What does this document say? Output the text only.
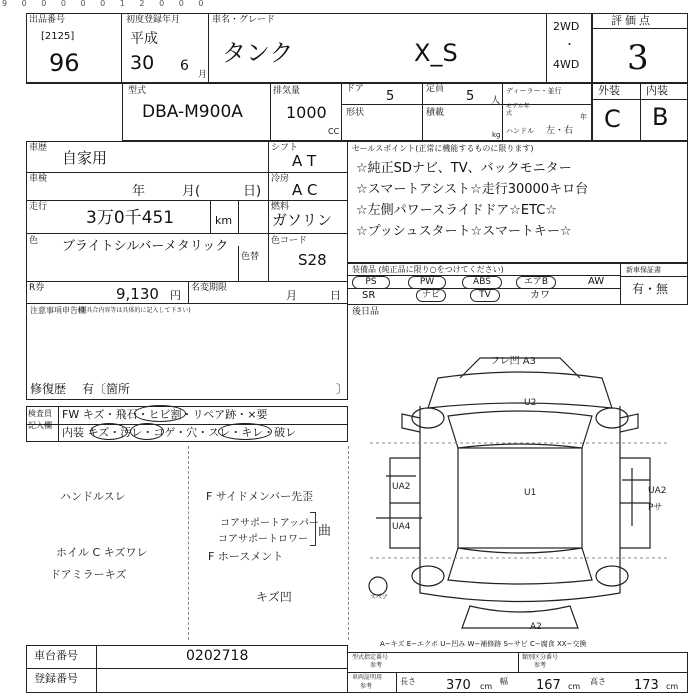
9 0 0 0 0 0 1 2 0 0 0
出品番号
[2125]
96
初度登録年月
平成
30 6
月
車名・グレード
タンク	X_S
2WD
・
4WD
評価点
3
型式
DBA-M900A
排気量
1000
CC
ドア 5	定員 5 人
形状	積載
kg
ディーラー・並行
モデル年式	年
ハンドル 左・右
外装 内装
C B
車歴
自家用
シフト
A T
車検
年	月(	日)
冷房
A C
走行
3万0千451	km
燃料
ガソリン
色 ブライトシルバーメタリック
色替
色コード
S28
R券	9,130 円
名変期限
月	日
セールスポイント(正常に機能するものに限ります)
☆純正SDナビ、TV、バックモニター
☆スマートアシスト☆走行30000キロ台
☆左側パワースライドドア☆ETC☆
☆プッシュスタート☆スマートキー☆
装備品 (純正品に限り○をつけてください)
PS	PW	ABS	エアB	AW
SR	ナビ	TV	カワ
新車保証書
有・無
注意事項申告欄
(不具合内容等は具体的に記入して下さい)
修復歴 有〔箇所	〕
後日品
検査員
記入欄
FW キズ・飛石・ヒビ割・リペア跡・×要
内装 キズ・汚レ・コゲ・穴・スレ・キレ・破レ
ハンドルスレ
ホイル C キズワレ
ドアミラーキズ
F サイドメンバー先歪
コアサポートアッパー
コアサポートロワー
曲
F ホースメント
キズ凹
フレ凹 A3
U2
U1
UA2
UA4
UA2
Pサ
A2
スペア
A−キズ E−エクボ U−凹み W−補修跡 S−サビ C−腐食 XX−交換
車台番号	0202718
登録番号
型式指定番号
参考
類別区分番号
参考
車両証明用
参考
長さ 370 cm
幅 167 cm
高さ 173 cm
